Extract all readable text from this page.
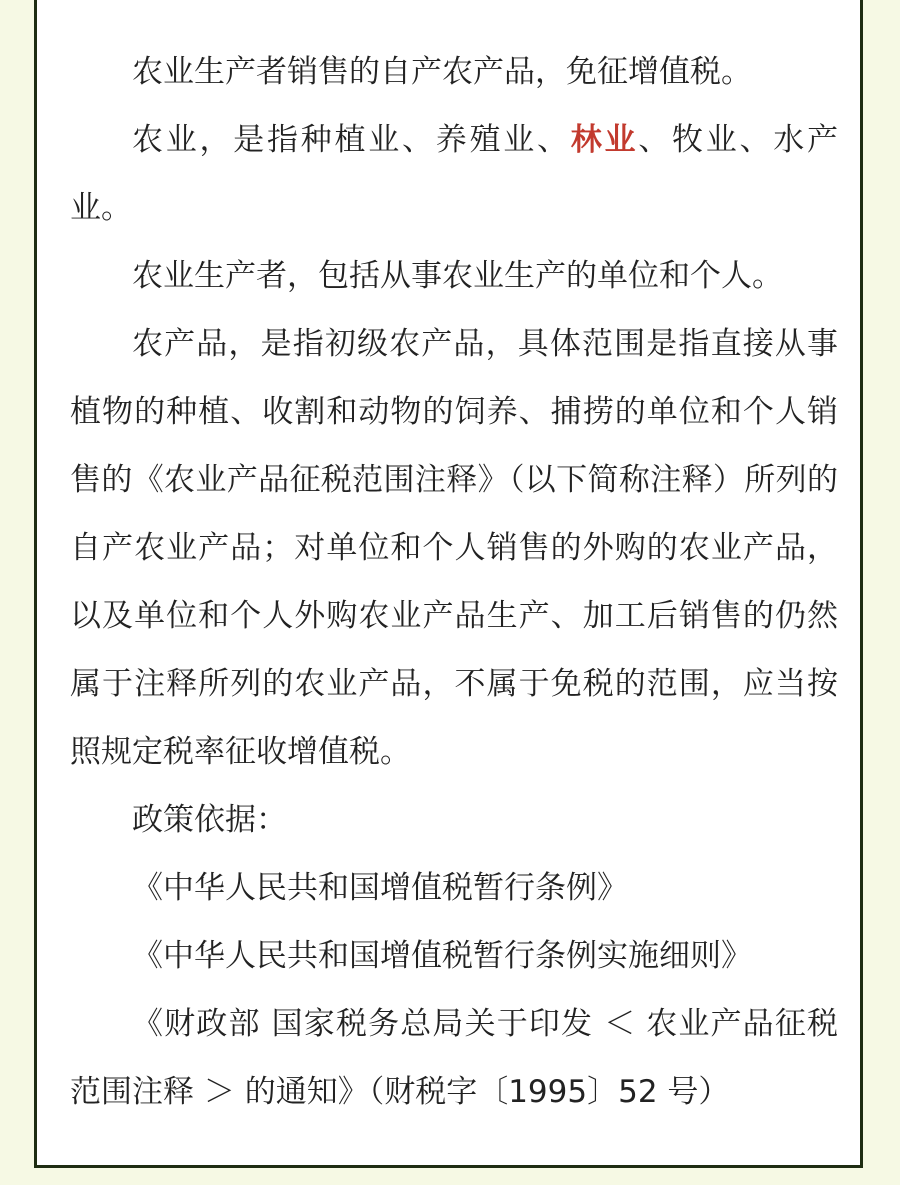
农业生产者销售的自产农产品，免征增值税。

农业，是指种植业、养殖业、林业、牧业、水产业。

农业生产者，包括从事农业生产的单位和个人。

农产品，是指初级农产品，具体范围是指直接从事植物的种植、收割和动物的饲养、捕捞的单位和个人销售的《农业产品征税范围注释》（以下简称注释）所列的自产农业产品；对单位和个人销售的外购的农业产品，以及单位和个人外购农业产品生产、加工后销售的仍然属于注释所列的农业产品，不属于免税的范围，应当按照规定税率征收增值税。

政策依据：

《中华人民共和国增值税暂行条例》

《中华人民共和国增值税暂行条例实施细则》

《财政部 国家税务总局关于印发 ＜ 农业产品征税范围注释 ＞ 的通知》（财税字〔1995〕52 号）
